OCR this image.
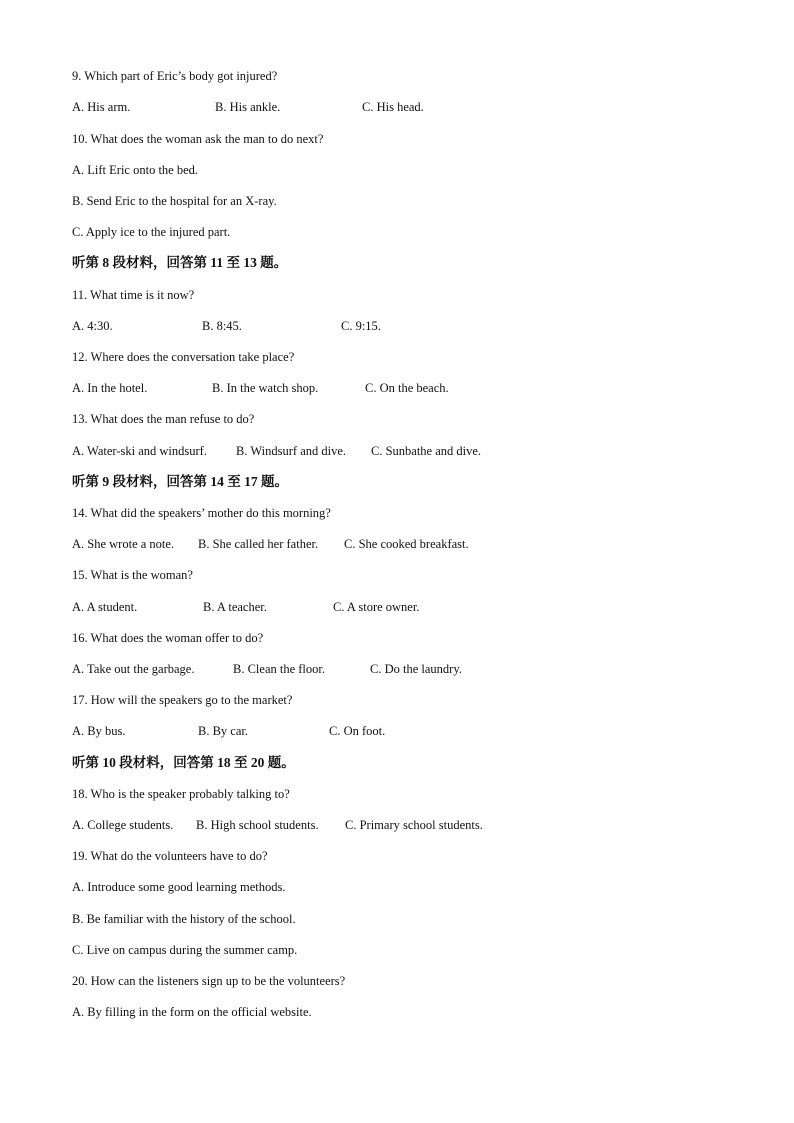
9. Which part of Eric’s body got injured?
A. His arm.	B. His ankle.	C. His head.
10. What does the woman ask the man to do next?
A. Lift Eric onto the bed.
B. Send Eric to the hospital for an X-ray.
C. Apply ice to the injured part.
听第 8 段材料，回答第 11 至 13 题。
11. What time is it now?
A. 4:30.	B. 8:45.	C. 9:15.
12. Where does the conversation take place?
A. In the hotel.	B. In the watch shop.	C. On the beach.
13. What does the man refuse to do?
A. Water-ski and windsurf. B. Windsurf and dive. C. Sunbathe and dive.
听第 9 段材料，回答第 14 至 17 题。
14. What did the speakers’ mother do this morning?
A. She wrote a note. B. She called her father. C. She cooked breakfast.
15. What is the woman?
A. A student.	B. A teacher.	C. A store owner.
16. What does the woman offer to do?
A. Take out the garbage.	B. Clean the floor.	C. Do the laundry.
17. How will the speakers go to the market?
A. By bus.	B. By car.	C. On foot.
听第 10 段材料，回答第 18 至 20 题。
18. Who is the speaker probably talking to?
A. College students. B. High school students. C. Primary school students.
19. What do the volunteers have to do?
A. Introduce some good learning methods.
B. Be familiar with the history of the school.
C. Live on campus during the summer camp.
20. How can the listeners sign up to be the volunteers?
A. By filling in the form on the official website.
